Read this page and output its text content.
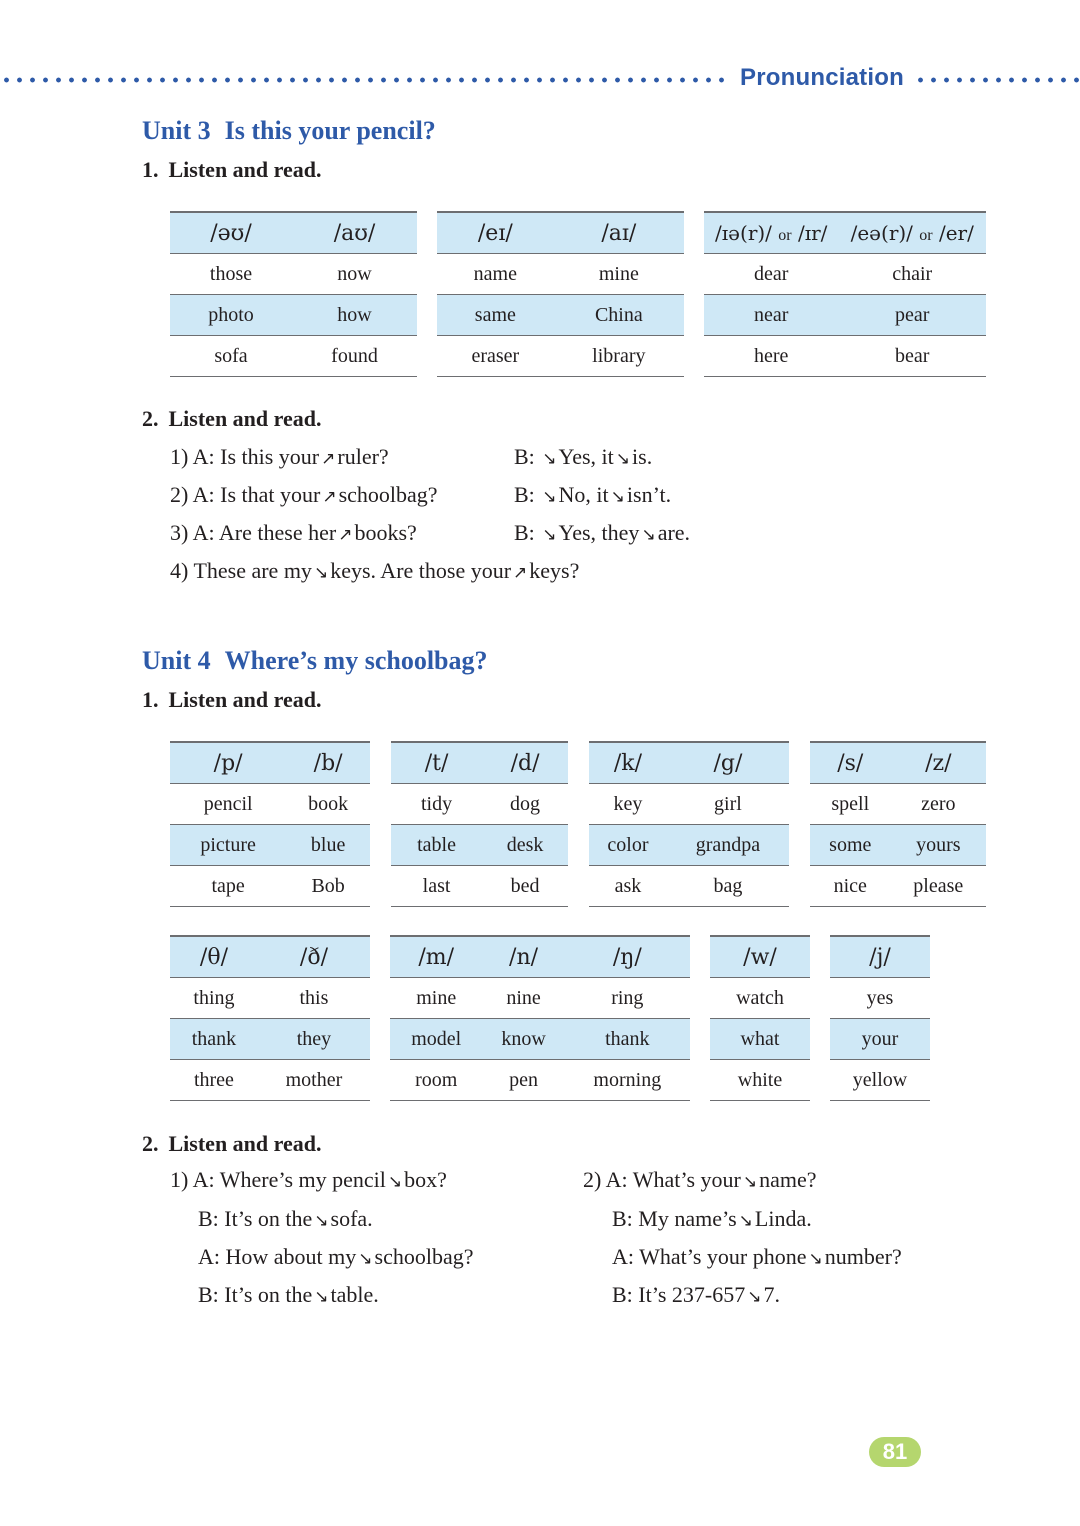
Pronunciation
Unit 3 Is this your pencil?
1. Listen and read.
/əʊ/	/aʊ/
those	now
photo	how
sofa	found
/eɪ/	/aɪ/
name	mine
same	China
eraser	library
/ɪə(r)/ or /ɪr/	/eə(r)/ or /er/
dear	chair
near	pear
here	bear
2. Listen and read.
1) A: Is this your ↗ruler?	B: ↘Yes, it ↘is.
2) A: Is that your ↗schoolbag?	B: ↘No, it ↘isn’t.
3) A: Are these her ↗books?	B: ↘Yes, they ↘are.
4) These are my ↘keys. Are those your ↗keys?
Unit 4 Where’s my schoolbag?
1. Listen and read.
/p/	/b/
pencil	book
picture	blue
tape	Bob
/t/	/d/
tidy	dog
table	desk
last	bed
/k/	/g/
key	girl
color	grandpa
ask	bag
/s/	/z/
spell	zero
some	yours
nice	please
/θ/	/ð/
thing	this
thank	they
three	mother
/m/	/n/	/ŋ/
mine	nine	ring
model	know	thank
room	pen	morning
/w/
watch
what
white
/j/
yes
your
yellow
2. Listen and read.
1) A: Where’s my pencil ↘box?
B: It’s on the ↘sofa.
A: How about my ↘schoolbag?
B: It’s on the ↘table.
2) A: What’s your ↘name?
B: My name’s ↘Linda.
A: What’s your phone ↘number?
B: It’s 237-657 ↘7.
81
